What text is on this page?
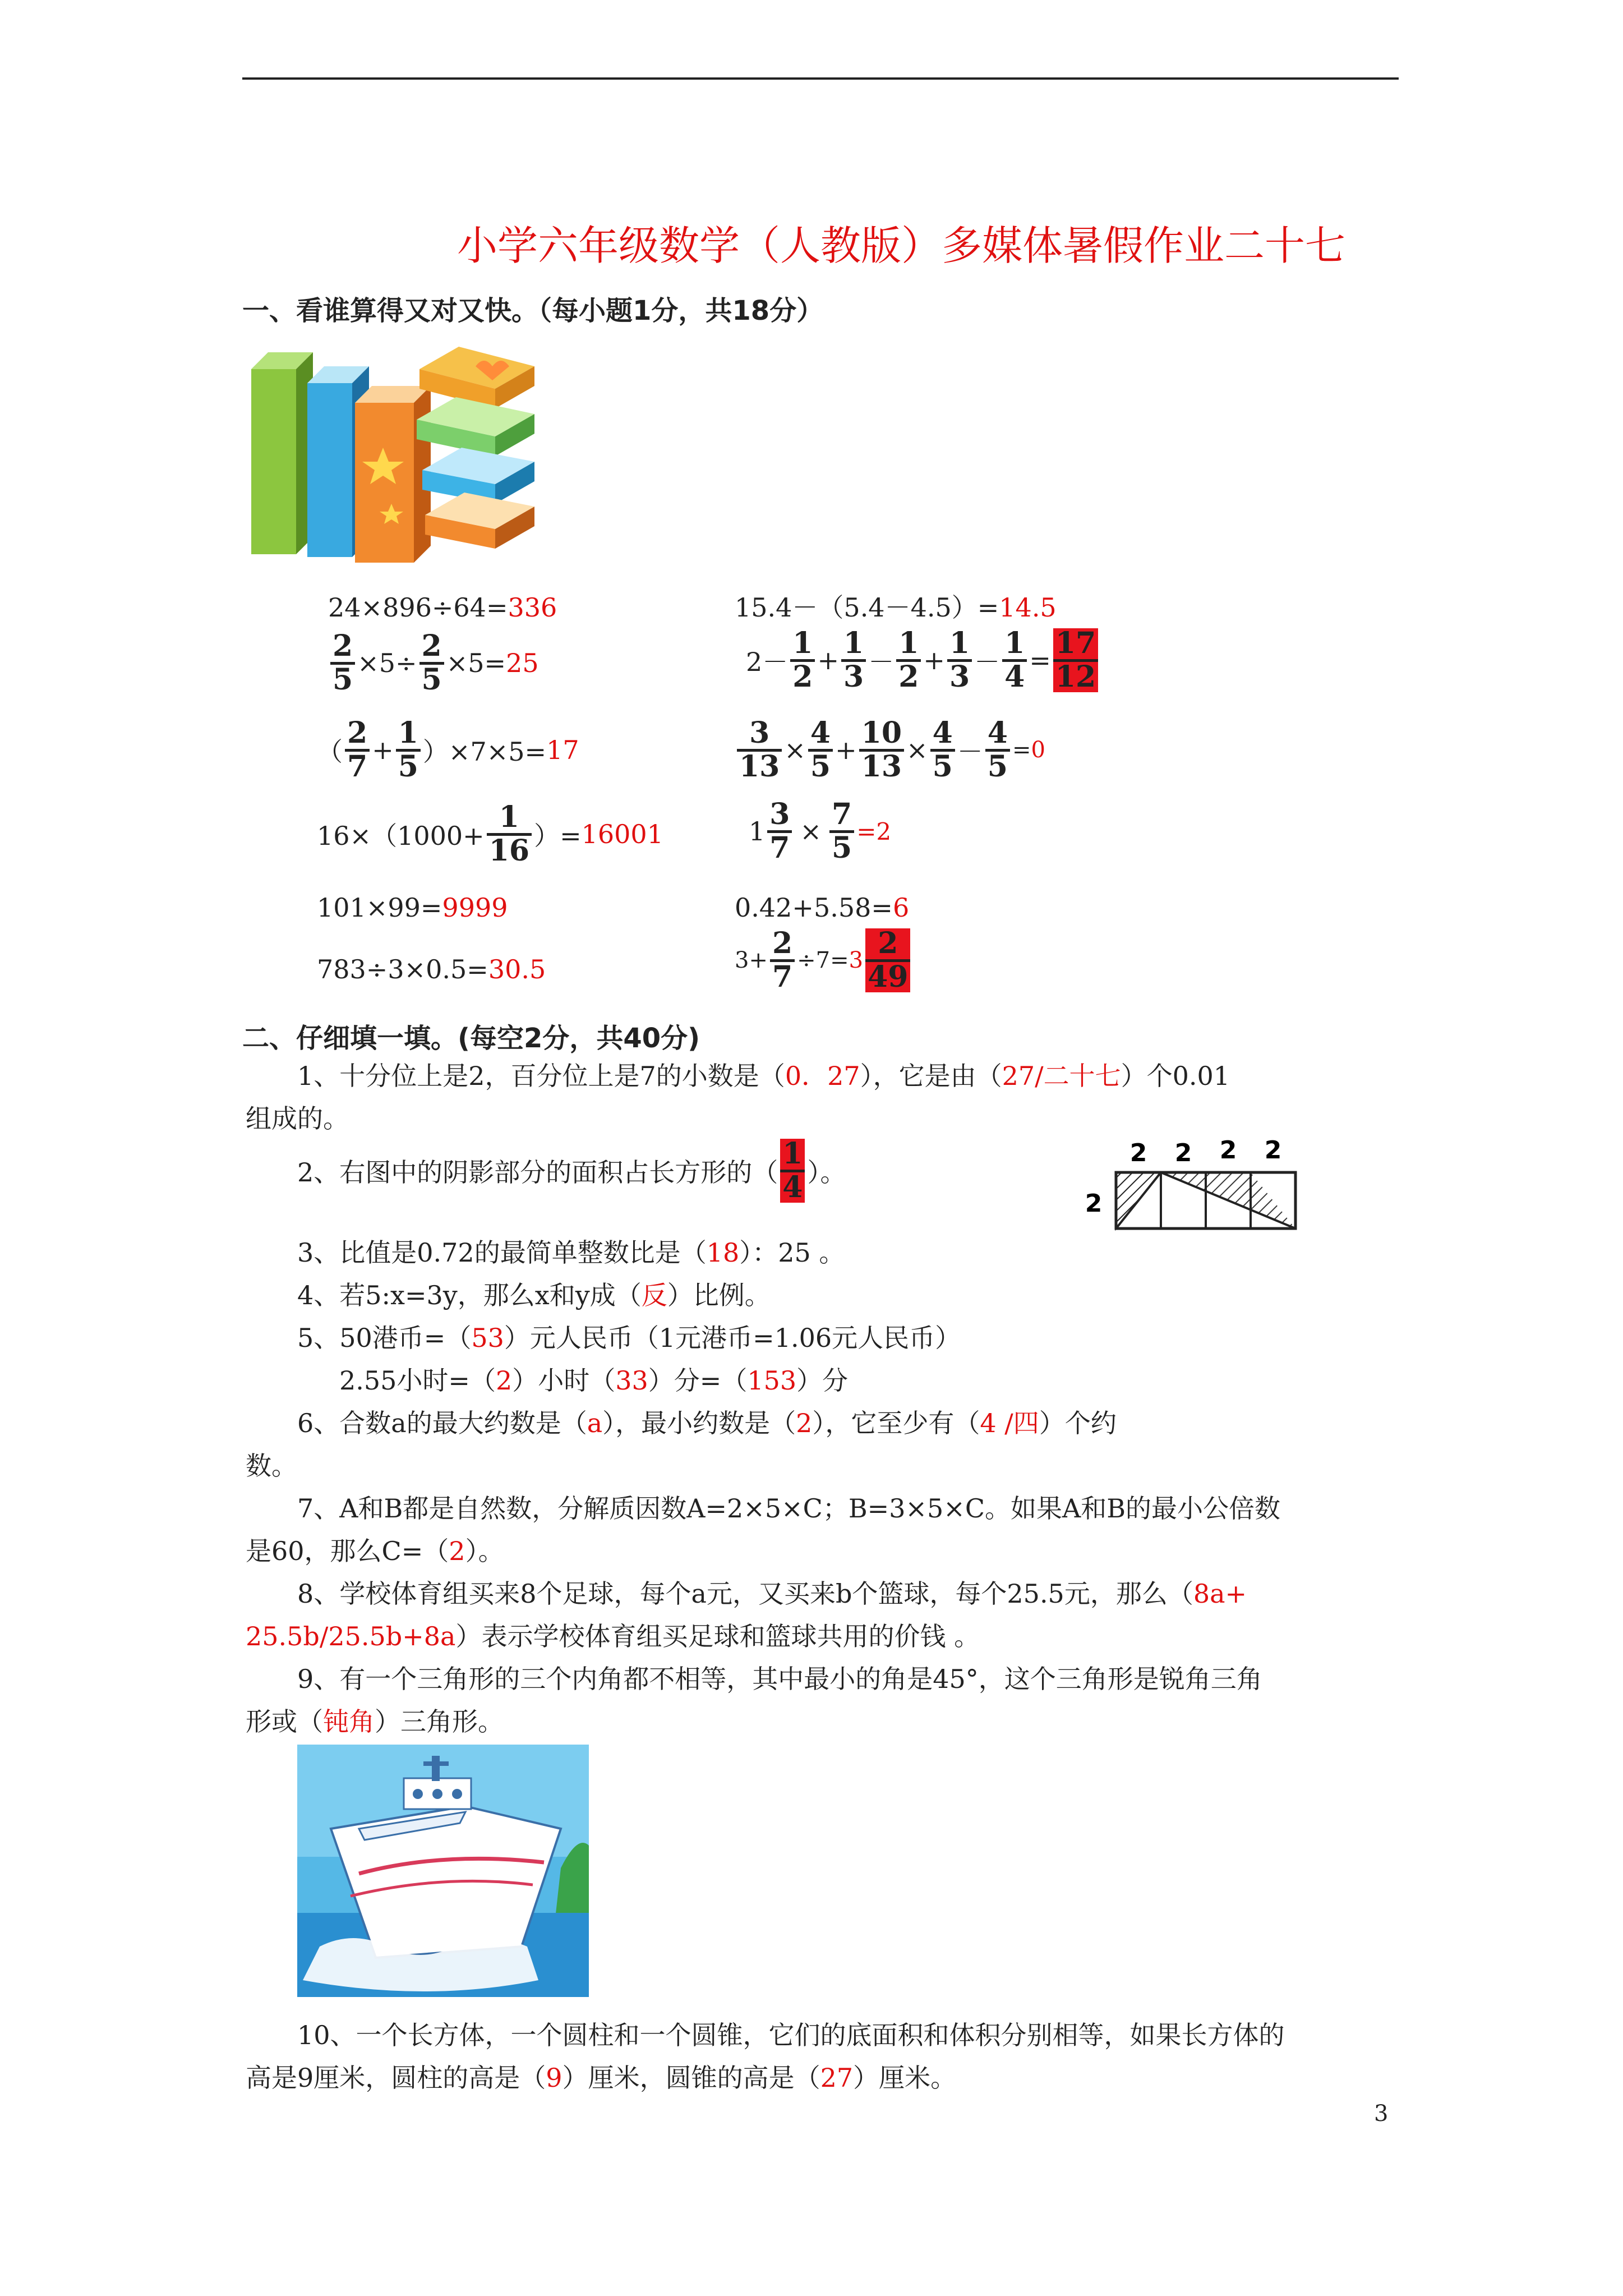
小学六年级数学（人教版）多媒体暑假作业二十七
一、看谁算得又对又快。（每小题1分，共18分）
24×896÷64=336
$\frac{2}{5} \times 5\div \frac{2}{5} \times 5= 25$
（ $\frac{2}{7} + \frac{1}{5} )\times 7\times 5= 17$
$16\times(1000+ \frac{1}{16}$ ）= 16001
101×99=9999
783÷3×0.5=30.5
15.4－（5.4－4.5）=14.5
$2- \frac{1}{2} + \frac{1}{3} - \frac{1}{2} + \frac{1}{3} - \frac{1}{4} = \frac{17}{12}$
$\frac{3}{13} \times \frac{4}{5} + \frac{10}{13} \times \frac{4}{5} - \frac{4}{5} = 0$
$1 \frac{3}{7} \times \frac{7}{5} =2$
0.42+5.58=6
$3+ \frac{2}{7} \div 7= 3 \frac{2}{49}$
二、仔细填一填。(每空2分，共40分)
1、十分位上是2，百分位上是7的小数是（0．27），它是由（27/二十七）个0.01
组成的。
2、右图中的阴影部分的面积占长方形的（ $\frac{1}{4}$ ）。
2 2 2 2
2
3、比值是0.72的最简单整数比是（18）：25 。
4、若5:x=3y，那么x和y成（反）比例。
5、50港币=（53）元人民币（1元港币=1.06元人民币）
2.55小时=（2）小时（33）分=（153）分
6、合数a的最大约数是（a），最小约数是（2），它至少有（4 /四）个约
数。
7、A和B都是自然数，分解质因数A=2×5×C；B=3×5×C。如果A和B的最小公倍数
是60，那么C=（2）。
8、学校体育组买来8个足球，每个a元，又买来b个篮球，每个25.5元，那么（8a+
25.5b/25.5b+8a）表示学校体育组买足球和篮球共用的价钱 。
9、有一个三角形的三个内角都不相等，其中最小的角是45°，这个三角形是锐角三角
形或（钝角）三角形。
10、一个长方体，一个圆柱和一个圆锥，它们的底面积和体积分别相等，如果长方体的
高是9厘米，圆柱的高是（9）厘米，圆锥的高是（27）厘米。
3
